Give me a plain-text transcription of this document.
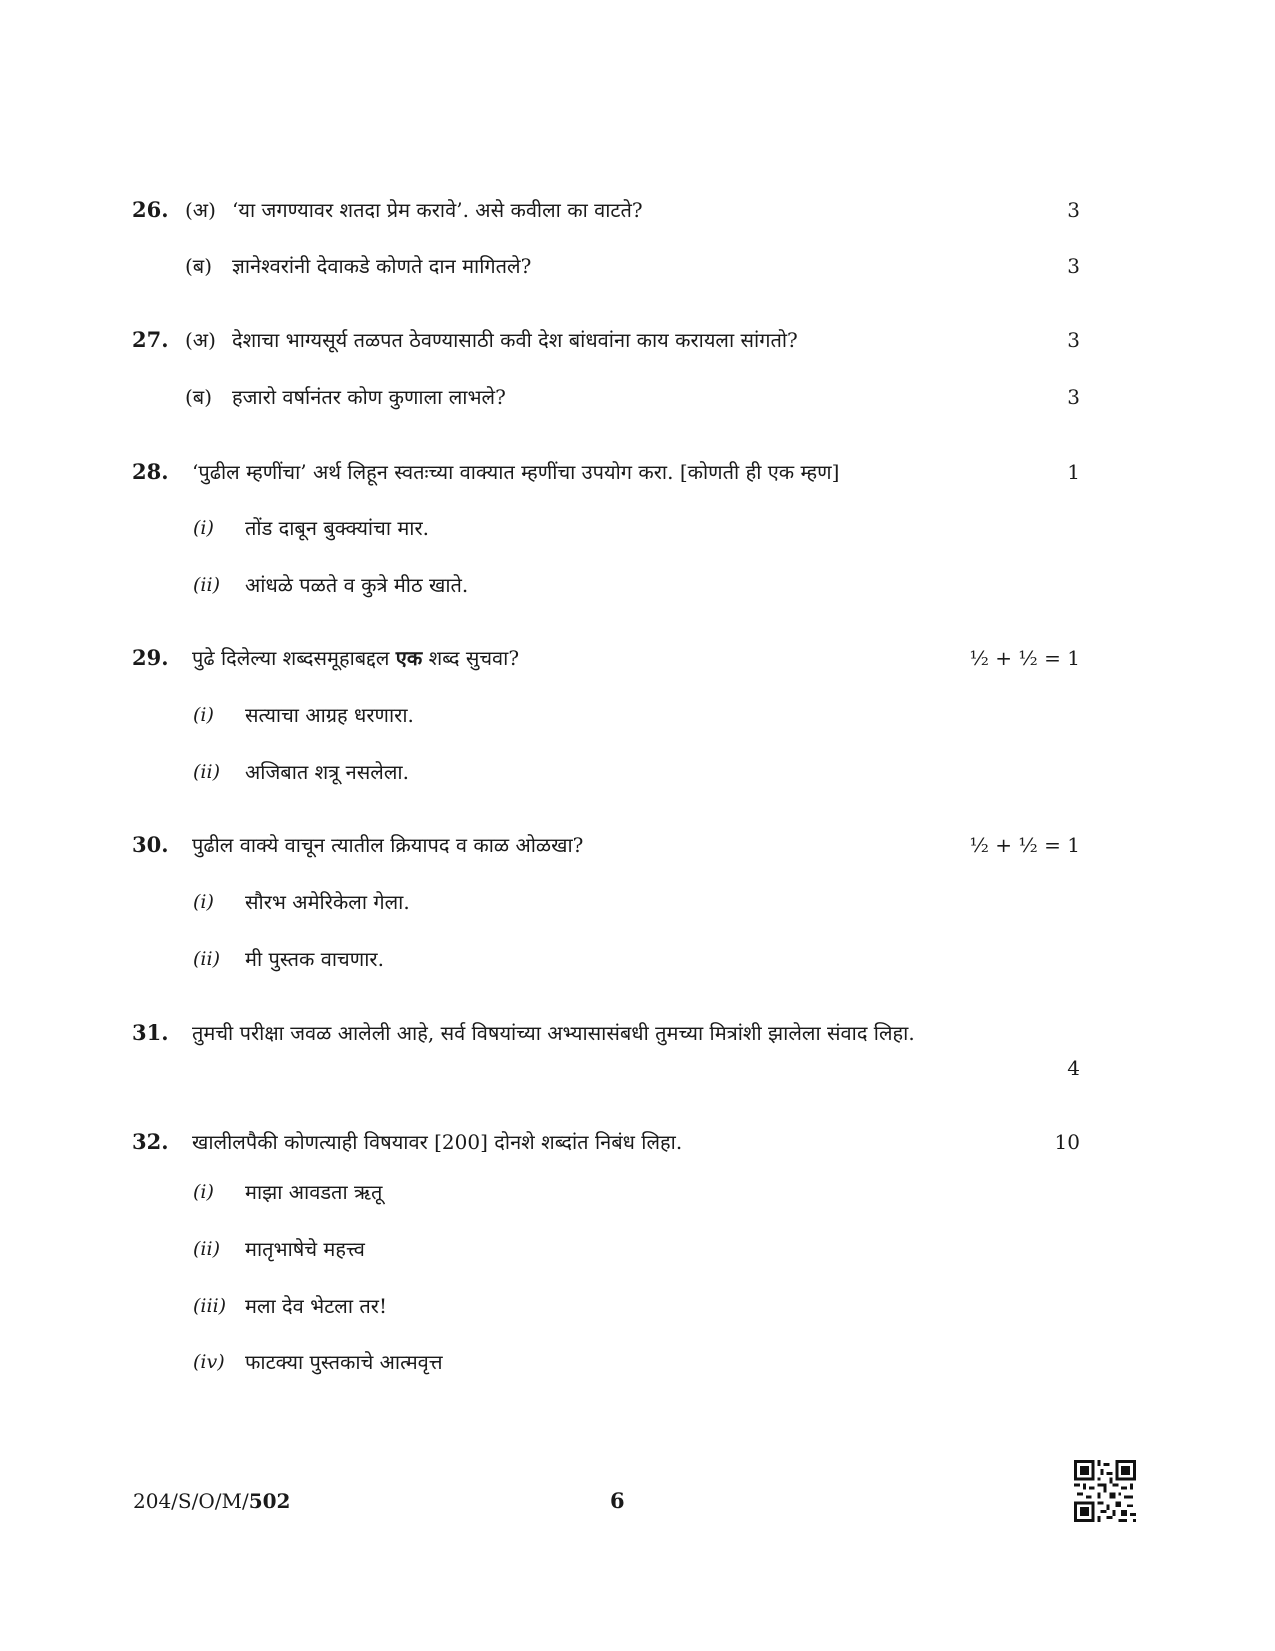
26. (अ) ‘या जगण्यावर शतदा प्रेम करावे’. असे कवीला का वाटते?	3
(ब) ज्ञानेश्वरांनी देवाकडे कोणते दान मागितले?	3
27. (अ) देशाचा भाग्यसूर्य तळपत ठेवण्यासाठी कवी देश बांधवांना काय करायला सांगतो?	3
(ब) हजारो वर्षानंतर कोण कुणाला लाभले?	3
28.	‘पुढील म्हणींचा’ अर्थ लिहून स्वतःच्या वाक्यात म्हणींचा उपयोग करा. [कोणती ही एक म्हण]	1
(i) तोंड दाबून बुक्क्यांचा मार.
(ii) आंधळे पळते व कुत्रे मीठ खाते.
29.	पुढे दिलेल्या शब्दसमूहाबद्दल एक शब्द सुचवा?	½ + ½ = 1
(i) सत्याचा आग्रह धरणारा.
(ii) अजिबात शत्रू नसलेला.
30.	पुढील वाक्ये वाचून त्यातील क्रियापद व काळ ओळखा?	½ + ½ = 1
(i) सौरभ अमेरिकेला गेला.
(ii) मी पुस्तक वाचणार.
31.	तुमची परीक्षा जवळ आलेली आहे, सर्व विषयांच्या अभ्यासासंबधी तुमच्या मित्रांशी झालेला संवाद लिहा.
4
32.	खालीलपैकी कोणत्याही विषयावर [200] दोनशे शब्दांत निबंध लिहा.	10
(i) माझा आवडता ऋतू
(ii) मातृभाषेचे महत्त्व
(iii) मला देव भेटला तर!
(iv) फाटक्या पुस्तकाचे आत्मवृत्त
204/S/O/M/502	6
